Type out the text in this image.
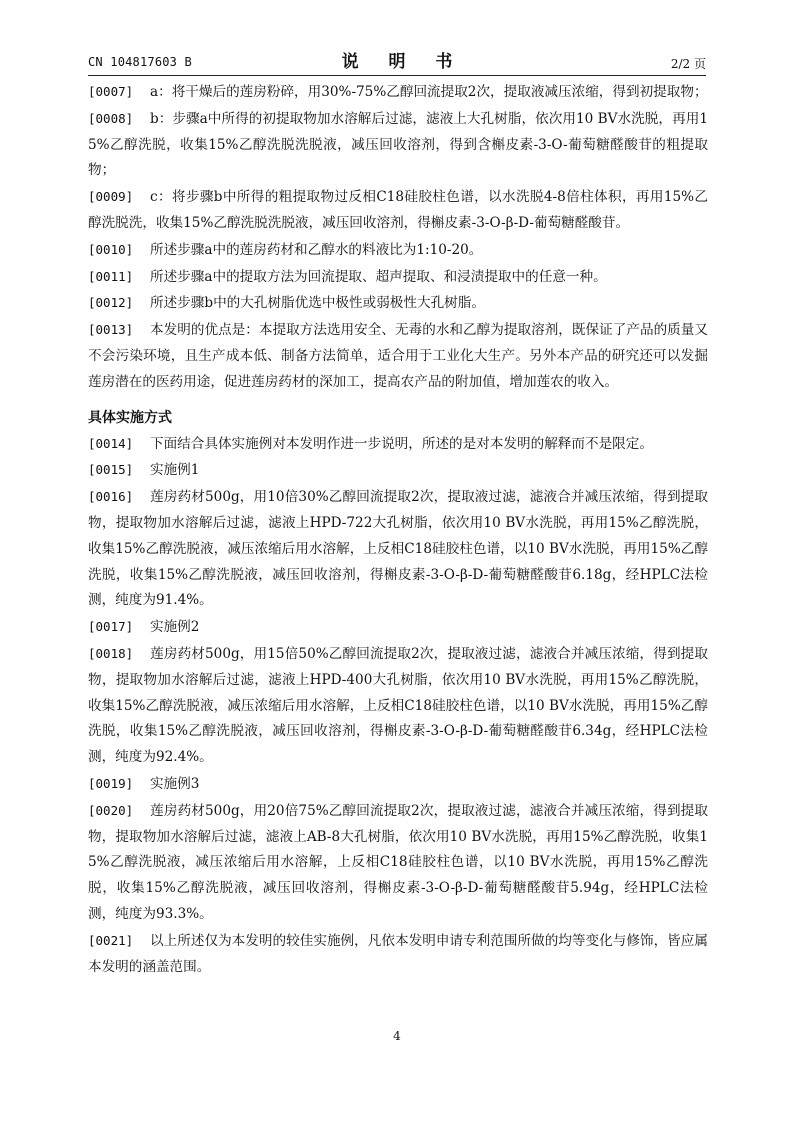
CN 104817603 B	说 明 书	2/2 页
[0007] a：将干燥后的莲房粉碎，用30%-75%乙醇回流提取2次，提取液减压浓缩，得到初提取物；
[0008] b：步骤a中所得的初提取物加水溶解后过滤，滤液上大孔树脂，依次用10 BV水洗脱，再用15%乙醇洗脱，收集15%乙醇洗脱洗脱液，减压回收溶剂，得到含槲皮素-3-O-葡萄糖醛酸苷的粗提取物；
[0009] c：将步骤b中所得的粗提取物过反相C18硅胶柱色谱，以水洗脱4-8倍柱体积，再用15%乙醇洗脱洗，收集15%乙醇洗脱洗脱液，减压回收溶剂，得槲皮素-3-O-β-D-葡萄糖醛酸苷。
[0010] 所述步骤a中的莲房药材和乙醇水的料液比为1:10-20。
[0011] 所述步骤a中的提取方法为回流提取、超声提取、和浸渍提取中的任意一种。
[0012] 所述步骤b中的大孔树脂优选中极性或弱极性大孔树脂。
[0013] 本发明的优点是：本提取方法选用安全、无毒的水和乙醇为提取溶剂，既保证了产品的质量又不会污染环境，且生产成本低、制备方法简单，适合用于工业化大生产。另外本产品的研究还可以发掘莲房潜在的医药用途，促进莲房药材的深加工，提高农产品的附加值，增加莲农的收入。
具体实施方式
[0014] 下面结合具体实施例对本发明作进一步说明，所述的是对本发明的解释而不是限定。
[0015] 实施例1
[0016] 莲房药材500g，用10倍30%乙醇回流提取2次，提取液过滤，滤液合并减压浓缩，得到提取物，提取物加水溶解后过滤，滤液上HPD-722大孔树脂，依次用10 BV水洗脱，再用15%乙醇洗脱，收集15%乙醇洗脱液，减压浓缩后用水溶解，上反相C18硅胶柱色谱，以10 BV水洗脱，再用15%乙醇洗脱，收集15%乙醇洗脱液，减压回收溶剂，得槲皮素-3-O-β-D-葡萄糖醛酸苷6.18g，经HPLC法检测，纯度为91.4%。
[0017] 实施例2
[0018] 莲房药材500g，用15倍50%乙醇回流提取2次，提取液过滤，滤液合并减压浓缩，得到提取物，提取物加水溶解后过滤，滤液上HPD-400大孔树脂，依次用10 BV水洗脱，再用15%乙醇洗脱，收集15%乙醇洗脱液，减压浓缩后用水溶解，上反相C18硅胶柱色谱，以10 BV水洗脱，再用15%乙醇洗脱，收集15%乙醇洗脱液，减压回收溶剂，得槲皮素-3-O-β-D-葡萄糖醛酸苷6.34g，经HPLC法检测，纯度为92.4%。
[0019] 实施例3
[0020] 莲房药材500g，用20倍75%乙醇回流提取2次，提取液过滤，滤液合并减压浓缩，得到提取物，提取物加水溶解后过滤，滤液上AB-8大孔树脂，依次用10 BV水洗脱，再用15%乙醇洗脱，收集15%乙醇洗脱液，减压浓缩后用水溶解，上反相C18硅胶柱色谱，以10 BV水洗脱，再用15%乙醇洗脱，收集15%乙醇洗脱液，减压回收溶剂，得槲皮素-3-O-β-D-葡萄糖醛酸苷5.94g，经HPLC法检测，纯度为93.3%。
[0021] 以上所述仅为本发明的较佳实施例，凡依本发明申请专利范围所做的均等变化与修饰，皆应属本发明的涵盖范围。
4
